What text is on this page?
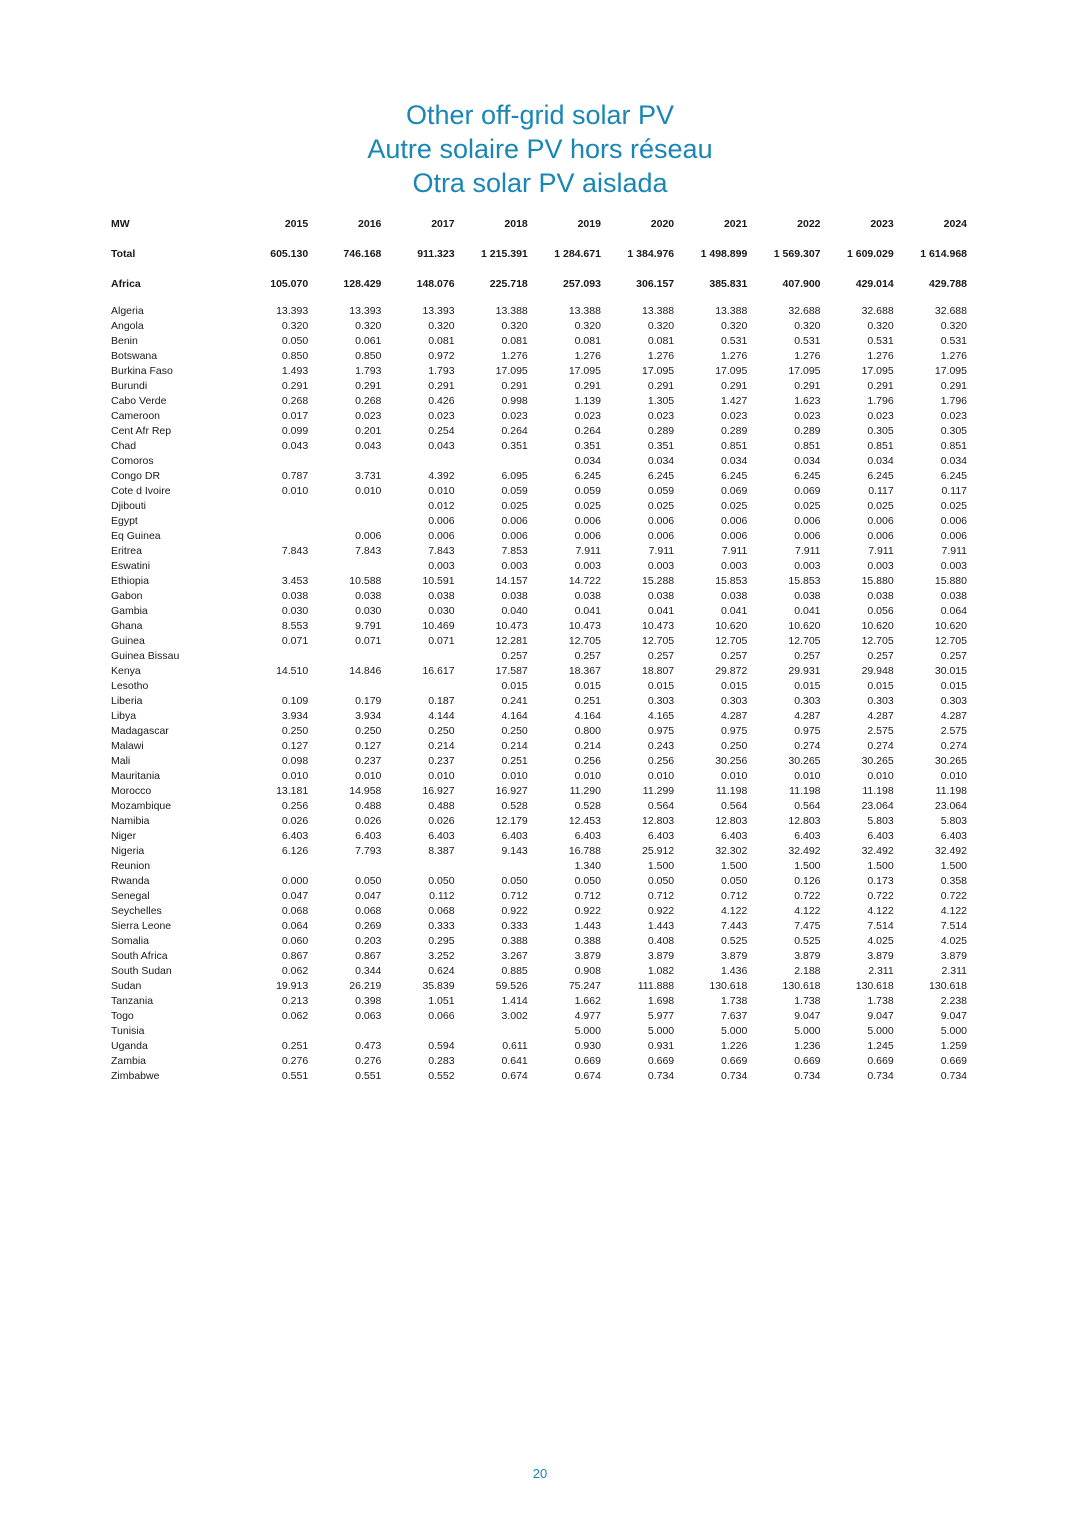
Other off-grid solar PV
Autre solaire PV hors réseau
Otra solar PV aislada
MW	2015	2016	2017	2018	2019	2020	2021	2022	2023	2024

Total	605.130	746.168	911.323	1 215.391	1 284.671	1 384.976	1 498.899	1 569.307	1 609.029	1 614.968

Africa	105.070	128.429	148.076	225.718	257.093	306.157	385.831	407.900	429.014	429.788

Algeria	13.393	13.393	13.393	13.388	13.388	13.388	13.388	32.688	32.688	32.688
Angola	0.320	0.320	0.320	0.320	0.320	0.320	0.320	0.320	0.320	0.320
Benin	0.050	0.061	0.081	0.081	0.081	0.081	0.531	0.531	0.531	0.531
Botswana	0.850	0.850	0.972	1.276	1.276	1.276	1.276	1.276	1.276	1.276
Burkina Faso	1.493	1.793	1.793	17.095	17.095	17.095	17.095	17.095	17.095	17.095
Burundi	0.291	0.291	0.291	0.291	0.291	0.291	0.291	0.291	0.291	0.291
Cabo Verde	0.268	0.268	0.426	0.998	1.139	1.305	1.427	1.623	1.796	1.796
Cameroon	0.017	0.023	0.023	0.023	0.023	0.023	0.023	0.023	0.023	0.023
Cent Afr Rep	0.099	0.201	0.254	0.264	0.264	0.289	0.289	0.289	0.305	0.305
Chad	0.043	0.043	0.043	0.351	0.351	0.351	0.851	0.851	0.851	0.851
Comoros					0.034	0.034	0.034	0.034	0.034	0.034
Congo DR	0.787	3.731	4.392	6.095	6.245	6.245	6.245	6.245	6.245	6.245
Cote d Ivoire	0.010	0.010	0.010	0.059	0.059	0.059	0.069	0.069	0.117	0.117
Djibouti			0.012	0.025	0.025	0.025	0.025	0.025	0.025	0.025
Egypt			0.006	0.006	0.006	0.006	0.006	0.006	0.006	0.006
Eq Guinea		0.006	0.006	0.006	0.006	0.006	0.006	0.006	0.006	0.006
Eritrea	7.843	7.843	7.843	7.853	7.911	7.911	7.911	7.911	7.911	7.911
Eswatini			0.003	0.003	0.003	0.003	0.003	0.003	0.003	0.003
Ethiopia	3.453	10.588	10.591	14.157	14.722	15.288	15.853	15.853	15.880	15.880
Gabon	0.038	0.038	0.038	0.038	0.038	0.038	0.038	0.038	0.038	0.038
Gambia	0.030	0.030	0.030	0.040	0.041	0.041	0.041	0.041	0.056	0.064
Ghana	8.553	9.791	10.469	10.473	10.473	10.473	10.620	10.620	10.620	10.620
Guinea	0.071	0.071	0.071	12.281	12.705	12.705	12.705	12.705	12.705	12.705
Guinea Bissau				0.257	0.257	0.257	0.257	0.257	0.257	0.257
Kenya	14.510	14.846	16.617	17.587	18.367	18.807	29.872	29.931	29.948	30.015
Lesotho				0.015	0.015	0.015	0.015	0.015	0.015	0.015
Liberia	0.109	0.179	0.187	0.241	0.251	0.303	0.303	0.303	0.303	0.303
Libya	3.934	3.934	4.144	4.164	4.164	4.165	4.287	4.287	4.287	4.287
Madagascar	0.250	0.250	0.250	0.250	0.800	0.975	0.975	0.975	2.575	2.575
Malawi	0.127	0.127	0.214	0.214	0.214	0.243	0.250	0.274	0.274	0.274
Mali	0.098	0.237	0.237	0.251	0.256	0.256	30.256	30.265	30.265	30.265
Mauritania	0.010	0.010	0.010	0.010	0.010	0.010	0.010	0.010	0.010	0.010
Morocco	13.181	14.958	16.927	16.927	11.290	11.299	11.198	11.198	11.198	11.198
Mozambique	0.256	0.488	0.488	0.528	0.528	0.564	0.564	0.564	23.064	23.064
Namibia	0.026	0.026	0.026	12.179	12.453	12.803	12.803	12.803	5.803	5.803
Niger	6.403	6.403	6.403	6.403	6.403	6.403	6.403	6.403	6.403	6.403
Nigeria	6.126	7.793	8.387	9.143	16.788	25.912	32.302	32.492	32.492	32.492
Reunion					1.340	1.500	1.500	1.500	1.500	1.500
Rwanda	0.000	0.050	0.050	0.050	0.050	0.050	0.050	0.126	0.173	0.358
Senegal	0.047	0.047	0.112	0.712	0.712	0.712	0.712	0.722	0.722	0.722
Seychelles	0.068	0.068	0.068	0.922	0.922	0.922	4.122	4.122	4.122	4.122
Sierra Leone	0.064	0.269	0.333	0.333	1.443	1.443	7.443	7.475	7.514	7.514
Somalia	0.060	0.203	0.295	0.388	0.388	0.408	0.525	0.525	4.025	4.025
South Africa	0.867	0.867	3.252	3.267	3.879	3.879	3.879	3.879	3.879	3.879
South Sudan	0.062	0.344	0.624	0.885	0.908	1.082	1.436	2.188	2.311	2.311
Sudan	19.913	26.219	35.839	59.526	75.247	111.888	130.618	130.618	130.618	130.618
Tanzania	0.213	0.398	1.051	1.414	1.662	1.698	1.738	1.738	1.738	2.238
Togo	0.062	0.063	0.066	3.002	4.977	5.977	7.637	9.047	9.047	9.047
Tunisia					5.000	5.000	5.000	5.000	5.000	5.000
Uganda	0.251	0.473	0.594	0.611	0.930	0.931	1.226	1.236	1.245	1.259
Zambia	0.276	0.276	0.283	0.641	0.669	0.669	0.669	0.669	0.669	0.669
Zimbabwe	0.551	0.551	0.552	0.674	0.674	0.734	0.734	0.734	0.734	0.734
20
